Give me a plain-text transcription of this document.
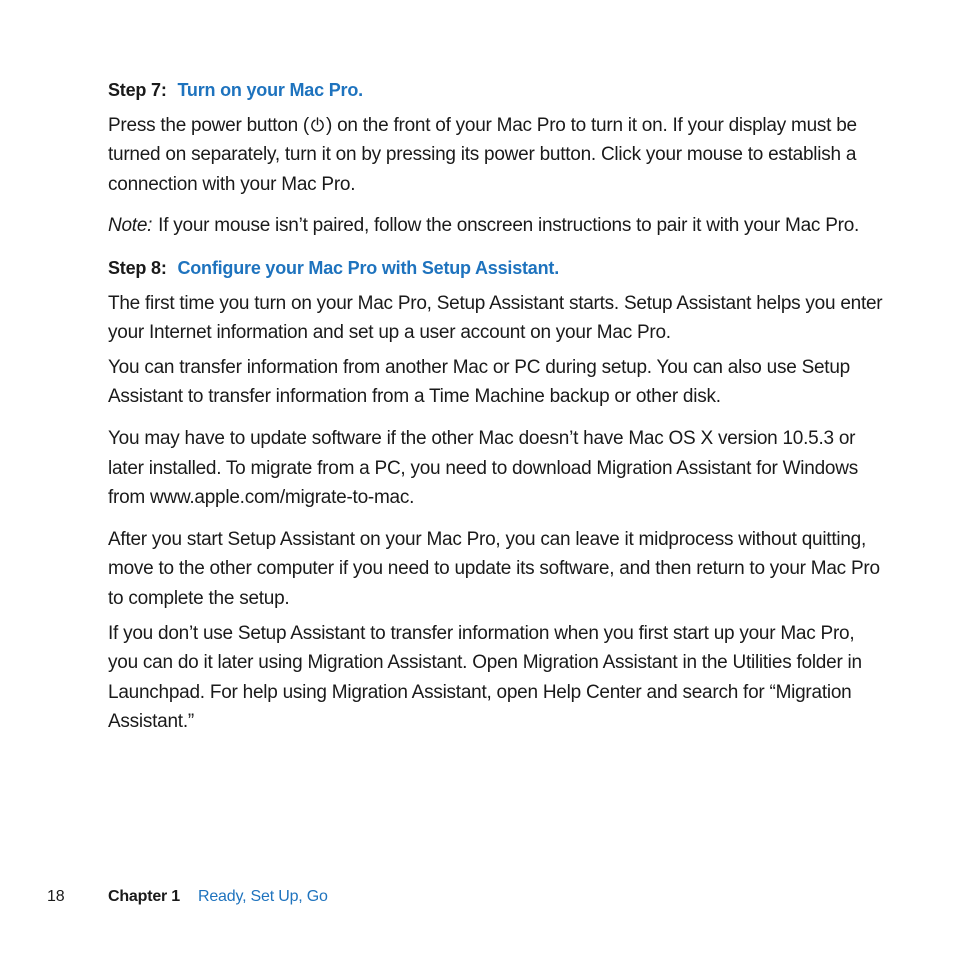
Step 7: Turn on your Mac Pro.

Press the power button ( ) on the front of your Mac Pro to turn it on. If your display must be turned on separately, turn it on by pressing its power button. Click your mouse to establish a connection with your Mac Pro.

Note: If your mouse isn’t paired, follow the onscreen instructions to pair it with your Mac Pro.

Step 8: Configure your Mac Pro with Setup Assistant.

The first time you turn on your Mac Pro, Setup Assistant starts. Setup Assistant helps you enter your Internet information and set up a user account on your Mac Pro.

You can transfer information from another Mac or PC during setup. You can also use Setup Assistant to transfer information from a Time Machine backup or other disk.

You may have to update software if the other Mac doesn’t have Mac OS X version 10.5.3 or later installed. To migrate from a PC, you need to download Migration Assistant for Windows from www.apple.com/migrate-to-mac.

After you start Setup Assistant on your Mac Pro, you can leave it midprocess without quitting, move to the other computer if you need to update its software, and then return to your Mac Pro to complete the setup.

If you don’t use Setup Assistant to transfer information when you first start up your Mac Pro, you can do it later using Migration Assistant. Open Migration Assistant in the Utilities folder in Launchpad. For help using Migration Assistant, open Help Center and search for “Migration Assistant.”

18	Chapter 1 Ready, Set Up, Go
